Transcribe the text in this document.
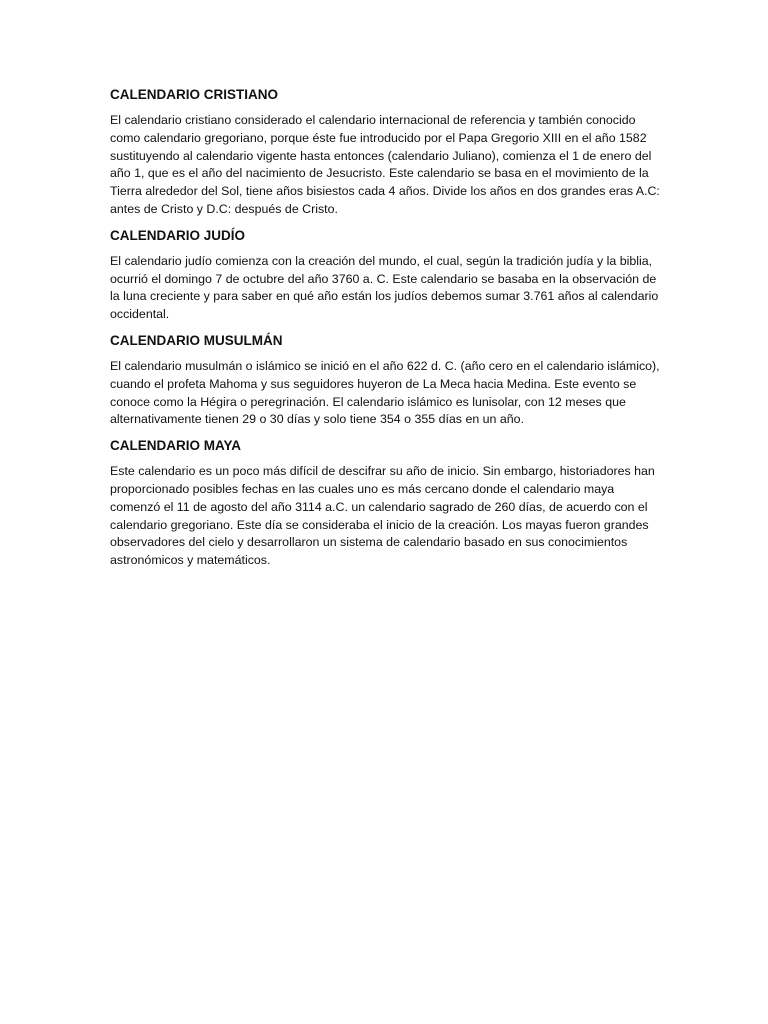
CALENDARIO CRISTIANO

El calendario cristiano considerado el calendario internacional de referencia y también conocido como calendario gregoriano, porque éste fue introducido por el Papa Gregorio XIII en el año 1582 sustituyendo al calendario vigente hasta entonces (calendario Juliano), comienza el 1 de enero del año 1, que es el año del nacimiento de Jesucristo. Este calendario se basa en el movimiento de la Tierra alrededor del Sol, tiene años bisiestos cada 4 años. Divide los años en dos grandes eras A.C: antes de Cristo y D.C: después de Cristo.

CALENDARIO JUDÍO

El calendario judío comienza con la creación del mundo, el cual, según la tradición judía y la biblia, ocurrió el domingo 7 de octubre del año 3760 a. C. Este calendario se basaba en la observación de la luna creciente y para saber en qué año están los judíos debemos sumar 3.761 años al calendario occidental.

CALENDARIO MUSULMÁN

El calendario musulmán o islámico se inició en el año 622 d. C. (año cero en el calendario islámico), cuando el profeta Mahoma y sus seguidores huyeron de La Meca hacia Medina. Este evento se conoce como la Hégira o peregrinación. El calendario islámico es lunisolar, con 12 meses que alternativamente tienen 29 o 30 días y solo tiene 354 o 355 días en un año.

CALENDARIO MAYA

Este calendario es un poco más difícil de descifrar su año de inicio. Sin embargo, historiadores han proporcionado posibles fechas en las cuales uno es más cercano donde el calendario maya comenzó el 11 de agosto del año 3114 a.C. un calendario sagrado de 260 días, de acuerdo con el calendario gregoriano. Este día se consideraba el inicio de la creación. Los mayas fueron grandes observadores del cielo y desarrollaron un sistema de calendario basado en sus conocimientos astronómicos y matemáticos.
